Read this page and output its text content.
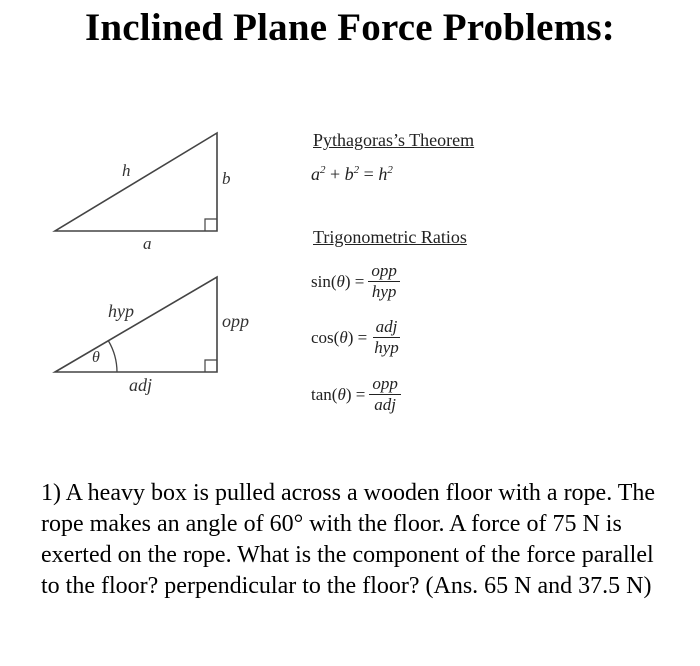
Inclined Plane Force Problems:
h	b
a
hyp	opp
adj
θ
Pythagoras’s Theorem
$a^2 + b^2 = h^2$
Trigonometric Ratios
$\sin(\theta) = \frac{\text{opp}}{\text{hyp}}$
$\cos(\theta) = \frac{\text{adj}}{\text{hyp}}$
$\tan(\theta) = \frac{\text{opp}}{\text{adj}}$
1) A heavy box is pulled across a wooden floor with a rope. The rope makes an angle of 60° with the floor. A force of 75 N is exerted on the rope. What is the component of the force parallel to the floor? perpendicular to the floor? (Ans. 65 N and 37.5 N)
